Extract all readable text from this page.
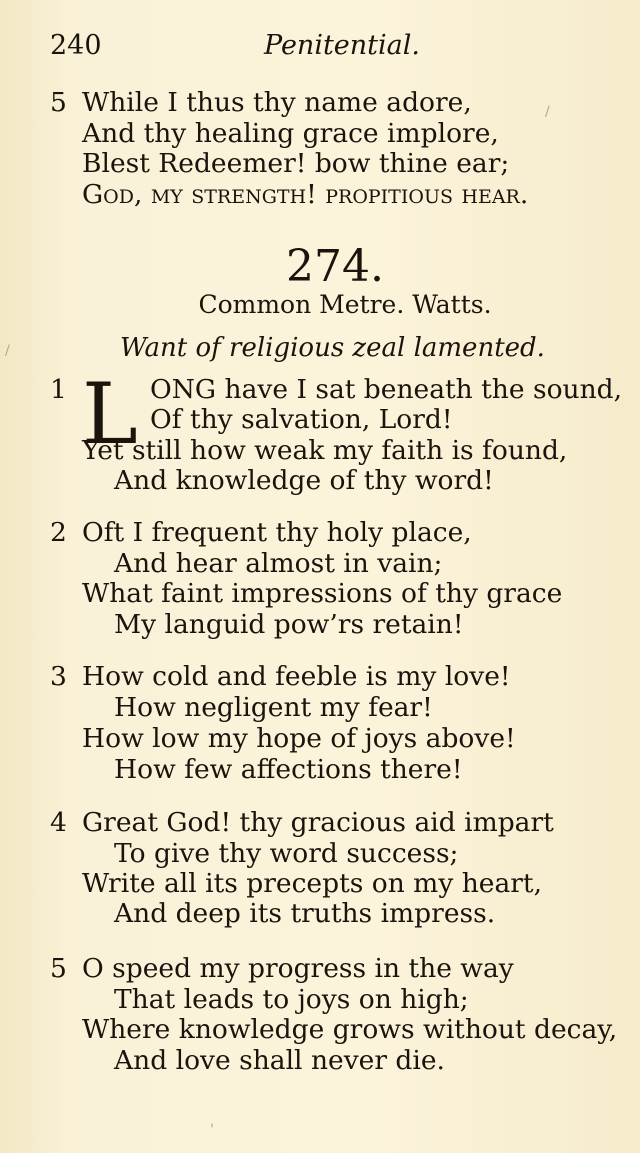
240	Penitential.
5 While I thus thy name adore,
And thy healing grace implore,
Blest Redeemer! bow thine ear;
God, my strength! propitious hear.
274.
Common Metre. Watts.
Want of religious zeal lamented.
1 L ONG have I sat beneath the sound,
Of thy salvation, Lord!
Yet still how weak my faith is found,
And knowledge of thy word!
2 Oft I frequent thy holy place,
And hear almost in vain;
What faint impressions of thy grace
My languid pow’rs retain!
3 How cold and feeble is my love!
How negligent my fear!
How low my hope of joys above!
How few affections there!
4 Great God! thy gracious aid impart
To give thy word success;
Write all its precepts on my heart,
And deep its truths impress.
5 O speed my progress in the way
That leads to joys on high;
Where knowledge grows without decay,
And love shall never die.
/
/
'
